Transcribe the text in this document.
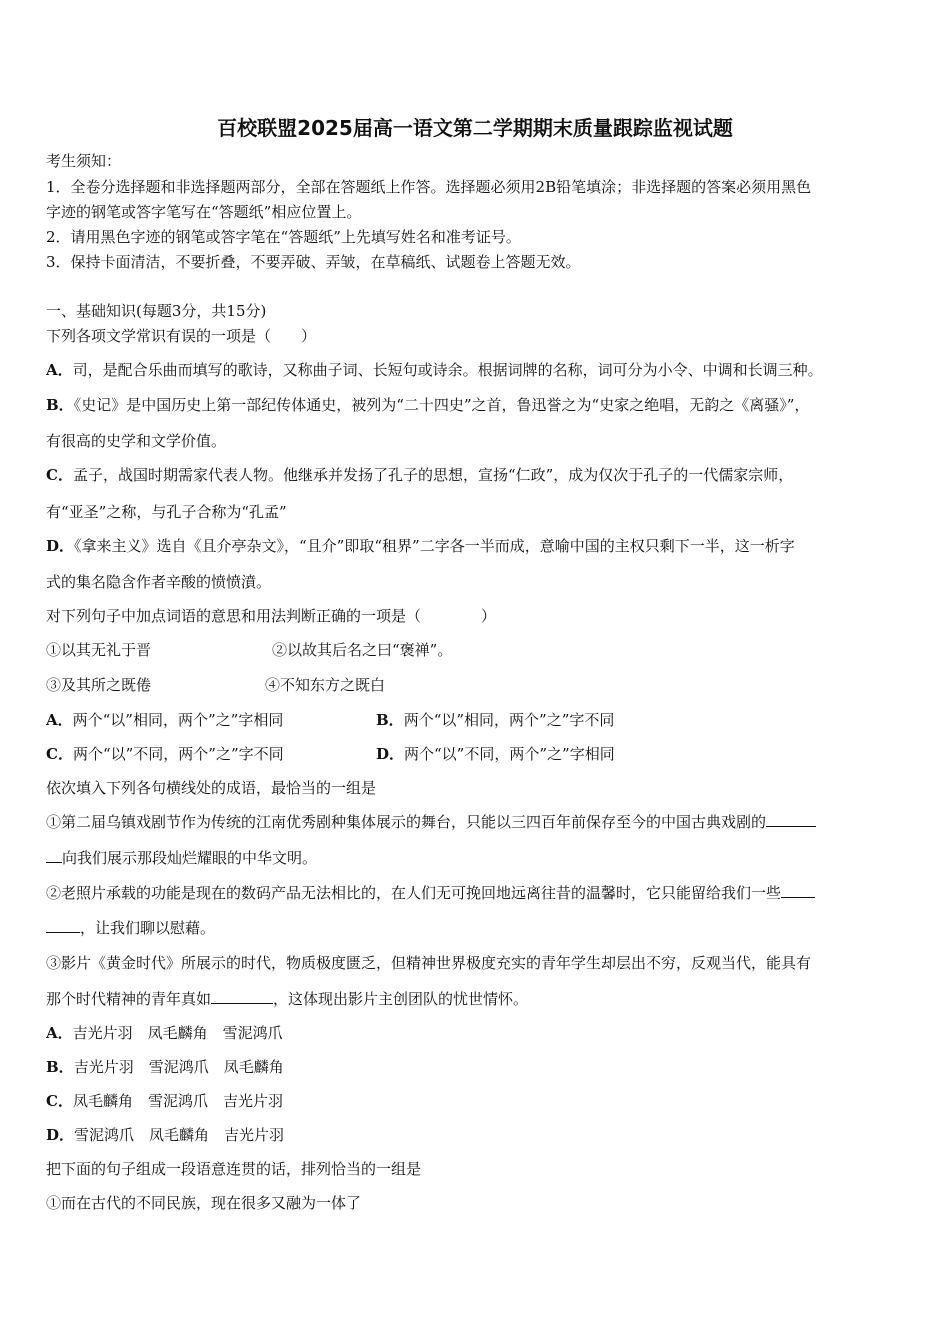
百校联盟2025届高一语文第二学期期末质量跟踪监视试题
考生须知：
1．全卷分选择题和非选择题两部分，全部在答题纸上作答。选择题必须用2B铅笔填涂；非选择题的答案必须用黑色
字迹的钢笔或答字笔写在“答题纸”相应位置上。
2．请用黑色字迹的钢笔或答字笔在“答题纸”上先填写姓名和准考证号。
3．保持卡面清洁，不要折叠，不要弄破、弄皱，在草稿纸、试题卷上答题无效。
一、基础知识(每题3分，共15分)
下列各项文学常识有误的一项是（　　）
A．司，是配合乐曲而填写的歌诗，又称曲子词、长短句或诗余。根据词牌的名称，词可分为小令、中调和长调三种。
B．《史记》是中国历史上第一部纪传体通史，被列为“二十四史”之首，鲁迅誉之为“史家之绝唱，无韵之《离骚》”，
有很高的史学和文学价值。
C．孟子，战国时期需家代表人物。他继承并发扬了孔子的思想，宣扬“仁政”，成为仅次于孔子的一代儒家宗师，
有“亚圣”之称，与孔子合称为“孔孟”
D．《拿来主义》选自《且介亭杂文》，“且介”即取“租界”二字各一半而成，意喻中国的主权只剩下一半，这一析字
式的集名隐含作者辛酸的愤愤濆。
对下列句子中加点词语的意思和用法判断正确的一项是（　　　　）
①以其无礼于晋	②以故其后名之曰“褒禅”。
③及其所之既倦	④不知东方之既白
A．两个“以”相同，两个”之”字相同	B．两个“以”相同，两个”之”字不同
C．两个“以”不同，两个”之”字不同	D．两个“以”不同，两个”之”字相同
依次填入下列各句横线处的成语，最恰当的一组是
①第二届乌镇戏剧节作为传统的江南优秀剧种集体展示的舞台，只能以三四百年前保存至今的中国古典戏剧的
向我们展示那段灿烂耀眼的中华文明。
②老照片承载的功能是现在的数码产品无法相比的，在人们无可挽回地远离往昔的温馨时，它只能留给我们一些
，让我们聊以慰藉。
③影片《黄金时代》所展示的时代，物质极度匮乏，但精神世界极度充实的青年学生却层出不穷，反观当代，能具有
那个时代精神的青年真如	，这体现出影片主创团队的忧世情怀。
A．吉光片羽　凤毛麟角　雪泥鸿爪
B．吉光片羽　雪泥鸿爪　凤毛麟角
C．凤毛麟角　雪泥鸿爪　吉光片羽
D．雪泥鸿爪　凤毛麟角　吉光片羽
把下面的句子组成一段语意连贯的话，排列恰当的一组是
①而在古代的不同民族，现在很多又融为一体了
